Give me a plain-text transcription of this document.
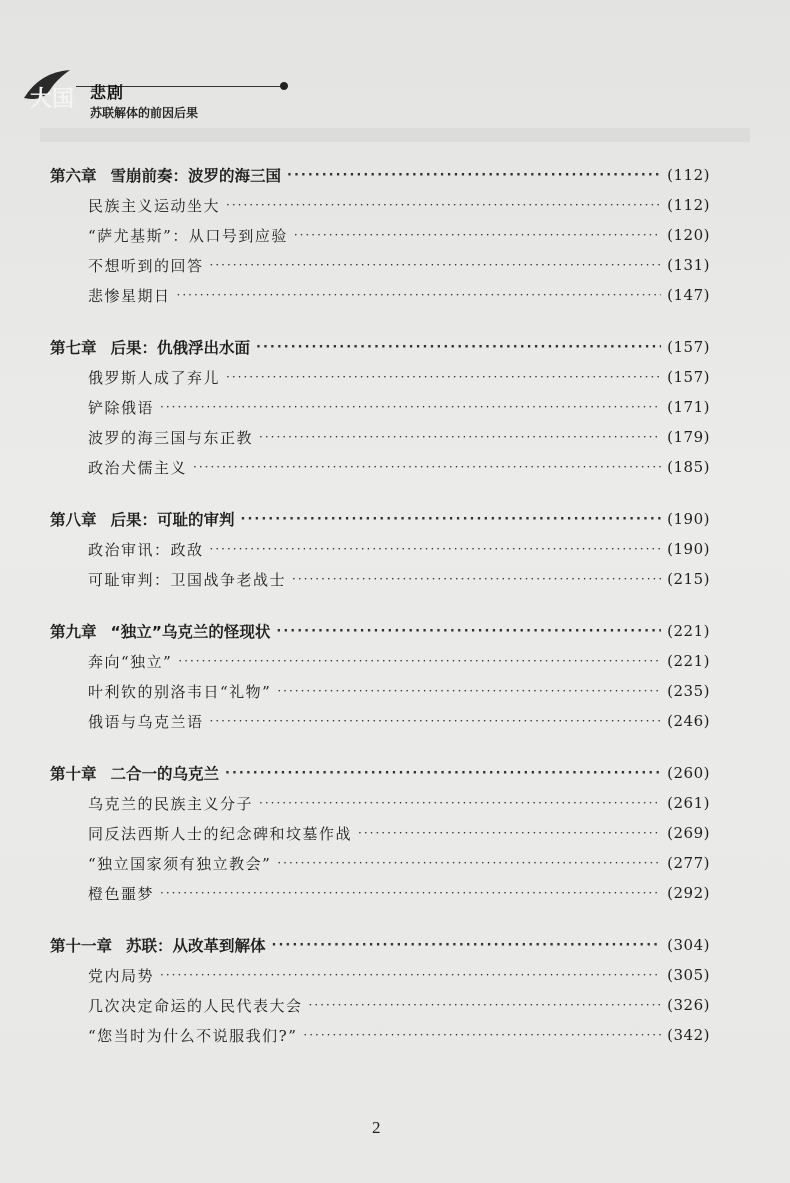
大国 悲剧
苏联解体的前因后果
第六章 雪崩前奏：波罗的海三国 ·····	(112)
民族主义运动坐大 ·····	(112)
“萨尤基斯”：从口号到应验 ·····	(120)
不想听到的回答 ·····	(131)
悲惨星期日 ·····	(147)
第七章 后果：仇俄浮出水面 ·····	(157)
俄罗斯人成了弃儿 ·····	(157)
铲除俄语 ·····	(171)
波罗的海三国与东正教 ·····	(179)
政治犬儒主义 ·····	(185)
第八章 后果：可耻的审判 ·····	(190)
政治审讯：政敌 ·····	(190)
可耻审判：卫国战争老战士 ·····	(215)
第九章 “独立”乌克兰的怪现状 ·····	(221)
奔向“独立” ·····	(221)
叶利钦的别洛韦日“礼物” ·····	(235)
俄语与乌克兰语 ·····	(246)
第十章 二合一的乌克兰 ·····	(260)
乌克兰的民族主义分子 ·····	(261)
同反法西斯人士的纪念碑和坟墓作战 ·····	(269)
“独立国家须有独立教会” ·····	(277)
橙色噩梦 ·····	(292)
第十一章 苏联：从改革到解体 ·····	(304)
党内局势 ·····	(305)
几次决定命运的人民代表大会 ·····	(326)
“您当时为什么不说服我们?” ·····	(342)
2
